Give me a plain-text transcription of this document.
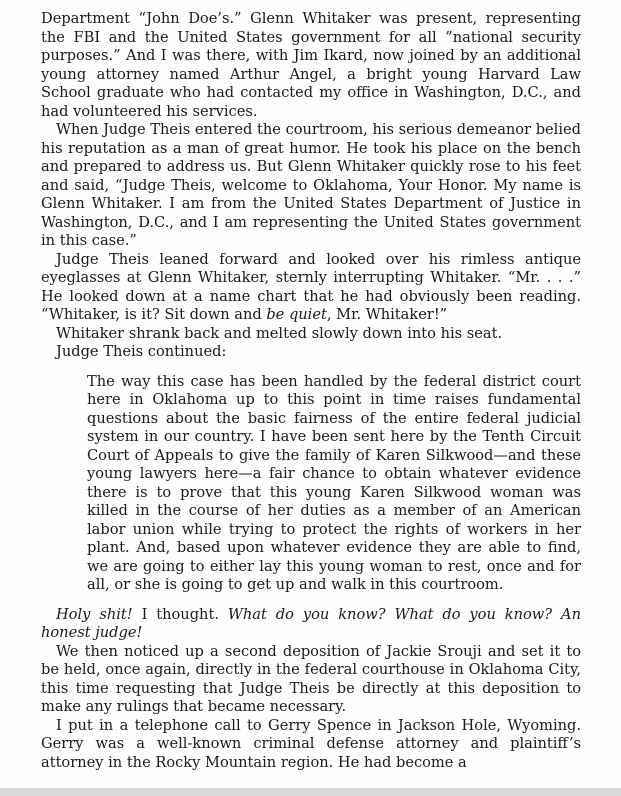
Department “John Doe’s.” Glenn Whitaker was present, representing the FBI and the United States government for all ”national security purposes.” And I was there, with Jim Ikard, now joined by an additional young attorney named Arthur Angel, a bright young Harvard Law School graduate who had contacted my office in Washington, D.C., and had volunteered his services.

When Judge Theis entered the courtroom, his serious demeanor belied his reputation as a man of great humor. He took his place on the bench and prepared to address us. But Glenn Whitaker quickly rose to his feet and said, “Judge Theis, welcome to Oklahoma, Your Honor. My name is Glenn Whitaker. I am from the United States Department of Justice in Washington, D.C., and I am representing the United States government in this case.”

Judge Theis leaned forward and looked over his rimless antique eyeglasses at Glenn Whitaker, sternly interrupting Whitaker. “Mr. . . .” He looked down at a name chart that he had obviously been reading. “Whitaker, is it? Sit down and be quiet, Mr. Whitaker!”

Whitaker shrank back and melted slowly down into his seat.

Judge Theis continued:

The way this case has been handled by the federal district court here in Oklahoma up to this point in time raises fundamental questions about the basic fairness of the entire federal judicial system in our country. I have been sent here by the Tenth Circuit Court of Appeals to give the family of Karen Silkwood—and these young lawyers here—a fair chance to obtain whatever evidence there is to prove that this young Karen Silkwood woman was killed in the course of her duties as a member of an American labor union while trying to protect the rights of workers in her plant. And, based upon whatever evidence they are able to find, we are going to either lay this young woman to rest, once and for all, or she is going to get up and walk in this courtroom.

Holy shit! I thought. What do you know? What do you know? An honest judge!

We then noticed up a second deposition of Jackie Srouji and set it to be held, once again, directly in the federal courthouse in Oklahoma City, this time requesting that Judge Theis be directly at this deposition to make any rulings that became necessary.

I put in a telephone call to Gerry Spence in Jackson Hole, Wyoming. Gerry was a well-known criminal defense attorney and plaintiff’s attorney in the Rocky Mountain region. He had become a
